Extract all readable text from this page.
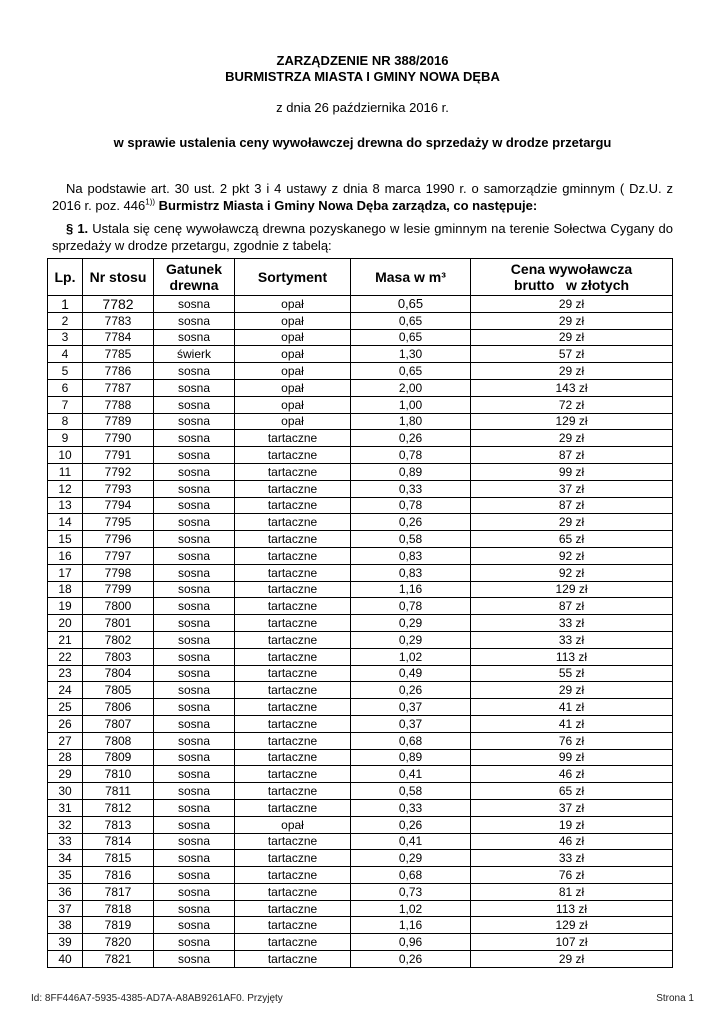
ZARZĄDZENIE NR 388/2016
BURMISTRZA MIASTA I GMINY NOWA DĘBA
z dnia 26 października 2016 r.
w sprawie ustalenia ceny wywoławczej drewna do sprzedaży w drodze przetargu
Na podstawie art. 30 ust. 2 pkt 3 i 4 ustawy z dnia 8 marca 1990 r. o samorządzie gminnym ( Dz.U. z 2016 r. poz. $446^{1))}$ Burmistrz Miasta i Gminy Nowa Dęba zarządza, co następuje:
§ 1. Ustala się cenę wywoławczą drewna pozyskanego w lesie gminnym na terenie Sołectwa Cygany do sprzedaży w drodze przetargu, zgodnie z tabelą:
Lp.	Nr stosu	Gatunek drewna	Sortyment	Masa w m³	Cena wywoławcza brutto   w złotych
1	7782	sosna	opał	0,65	29 zł
2	7783	sosna	opał	0,65	29 zł
3	7784	sosna	opał	0,65	29 zł
4	7785	świerk	opał	1,30	57 zł
5	7786	sosna	opał	0,65	29 zł
6	7787	sosna	opał	2,00	143 zł
7	7788	sosna	opał	1,00	72 zł
8	7789	sosna	opał	1,80	129 zł
9	7790	sosna	tartaczne	0,26	29 zł
10	7791	sosna	tartaczne	0,78	87 zł
11	7792	sosna	tartaczne	0,89	99 zł
12	7793	sosna	tartaczne	0,33	37 zł
13	7794	sosna	tartaczne	0,78	87 zł
14	7795	sosna	tartaczne	0,26	29 zł
15	7796	sosna	tartaczne	0,58	65 zł
16	7797	sosna	tartaczne	0,83	92 zł
17	7798	sosna	tartaczne	0,83	92 zł
18	7799	sosna	tartaczne	1,16	129 zł
19	7800	sosna	tartaczne	0,78	87 zł
20	7801	sosna	tartaczne	0,29	33 zł
21	7802	sosna	tartaczne	0,29	33 zł
22	7803	sosna	tartaczne	1,02	113 zł
23	7804	sosna	tartaczne	0,49	55 zł
24	7805	sosna	tartaczne	0,26	29 zł
25	7806	sosna	tartaczne	0,37	41 zł
26	7807	sosna	tartaczne	0,37	41 zł
27	7808	sosna	tartaczne	0,68	76 zł
28	7809	sosna	tartaczne	0,89	99 zł
29	7810	sosna	tartaczne	0,41	46 zł
30	7811	sosna	tartaczne	0,58	65 zł
31	7812	sosna	tartaczne	0,33	37 zł
32	7813	sosna	opał	0,26	19 zł
33	7814	sosna	tartaczne	0,41	46 zł
34	7815	sosna	tartaczne	0,29	33 zł
35	7816	sosna	tartaczne	0,68	76 zł
36	7817	sosna	tartaczne	0,73	81 zł
37	7818	sosna	tartaczne	1,02	113 zł
38	7819	sosna	tartaczne	1,16	129 zł
39	7820	sosna	tartaczne	0,96	107 zł
40	7821	sosna	tartaczne	0,26	29 zł
Id: 8FF446A7-5935-4385-AD7A-A8AB9261AF0. Przyjęty	Strona 1
